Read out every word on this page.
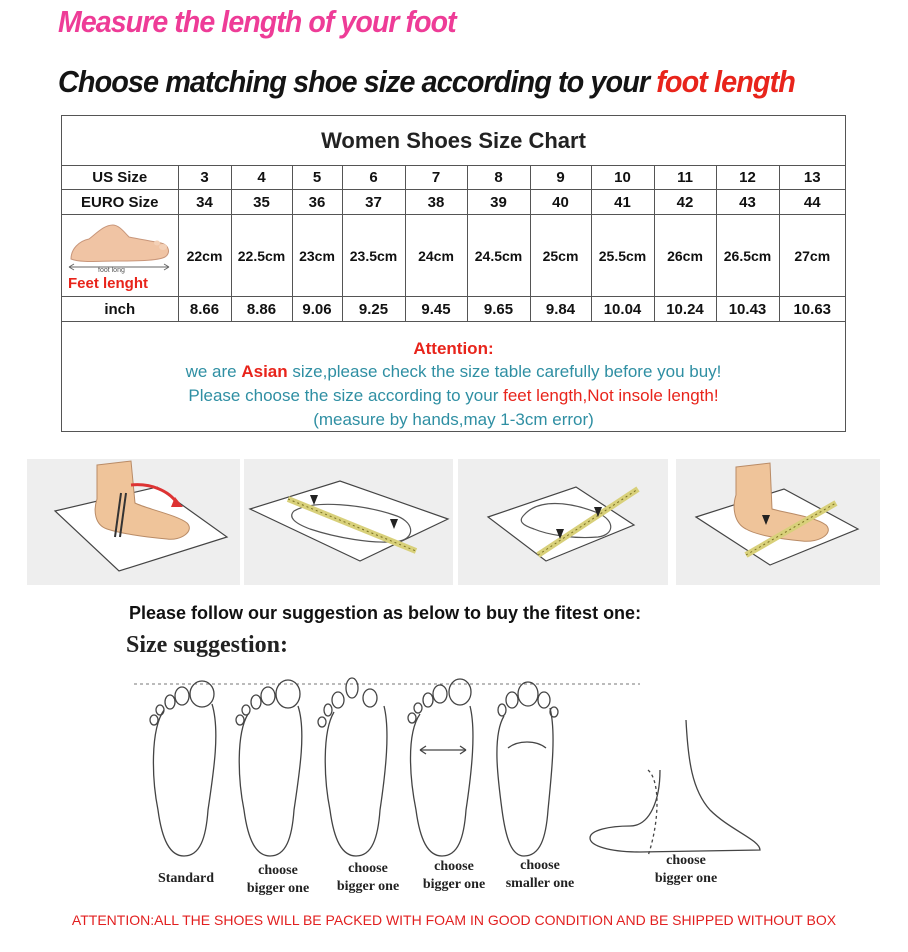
Measure the length of your foot
Choose matching shoe size according to your foot length
Women Shoes Size Chart
US Size	3	4	5	6	7	8	9	10	11	12	13
EURO Size	34	35	36	37	38	39	40	41	42	43	44

foot long
Feet lenght	22cm	22.5cm	23cm	23.5cm	24cm	24.5cm	25cm	25.5cm	26cm	26.5cm	27cm
inch	8.66	8.86	9.06	9.25	9.45	9.65	9.84	10.04	10.24	10.43	10.63
Attention:
we are Asian size,please check the size table carefully before you buy!
Please choose the size according to your feet length,Not insole length!
(measure by hands,may 1-3cm error)
Please follow our suggestion as below to buy the fitest one:
Size suggestion:
Standard
choose
bigger one
choose
bigger one
choose
bigger one
choose
smaller one
choose
bigger one
ATTENTION:ALL THE SHOES WILL BE PACKED WITH FOAM IN GOOD CONDITION AND BE SHIPPED WITHOUT BOX
